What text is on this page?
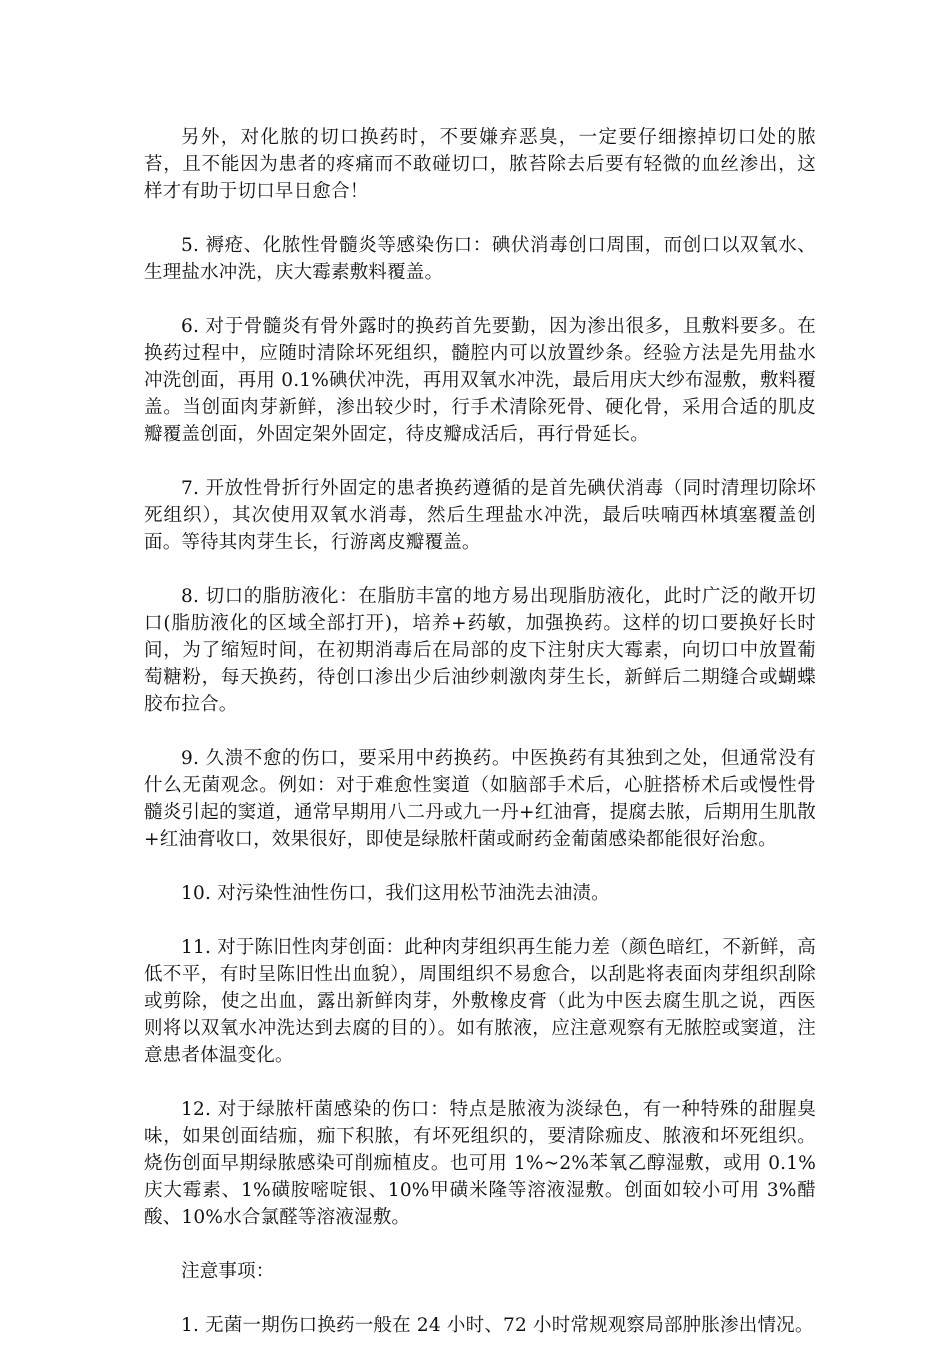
另外，对化脓的切口换药时，不要嫌弃恶臭，一定要仔细擦掉切口处的脓苔，且不能因为患者的疼痛而不敢碰切口，脓苔除去后要有轻微的血丝渗出，这样才有助于切口早日愈合！

5. 褥疮、化脓性骨髓炎等感染伤口：碘伏消毒创口周围，而创口以双氧水、生理盐水冲洗，庆大霉素敷料覆盖。

6. 对于骨髓炎有骨外露时的换药首先要勤，因为渗出很多，且敷料要多。在换药过程中，应随时清除坏死组织，髓腔内可以放置纱条。经验方法是先用盐水冲洗创面，再用 0.1%碘伏冲洗，再用双氧水冲洗，最后用庆大纱布湿敷，敷料覆盖。当创面肉芽新鲜，渗出较少时，行手术清除死骨、硬化骨，采用合适的肌皮瓣覆盖创面，外固定架外固定，待皮瓣成活后，再行骨延长。

7. 开放性骨折行外固定的患者换药遵循的是首先碘伏消毒（同时清理切除坏死组织），其次使用双氧水消毒，然后生理盐水冲洗，最后呋喃西林填塞覆盖创面。等待其肉芽生长，行游离皮瓣覆盖。

8. 切口的脂肪液化：在脂肪丰富的地方易出现脂肪液化，此时广泛的敞开切口(脂肪液化的区域全部打开)，培养+药敏，加强换药。这样的切口要换好长时间，为了缩短时间，在初期消毒后在局部的皮下注射庆大霉素，向切口中放置葡萄糖粉，每天换药，待创口渗出少后油纱刺激肉芽生长，新鲜后二期缝合或蝴蝶胶布拉合。

9. 久溃不愈的伤口，要采用中药换药。中医换药有其独到之处，但通常没有什么无菌观念。例如：对于难愈性窦道（如脑部手术后，心脏搭桥术后或慢性骨髓炎引起的窦道，通常早期用八二丹或九一丹+红油膏，提腐去脓，后期用生肌散+红油膏收口，效果很好，即使是绿脓杆菌或耐药金葡菌感染都能很好治愈。

10. 对污染性油性伤口，我们这用松节油洗去油渍。

11. 对于陈旧性肉芽创面：此种肉芽组织再生能力差（颜色暗红，不新鲜，高低不平，有时呈陈旧性出血貌），周围组织不易愈合，以刮匙将表面肉芽组织刮除或剪除，使之出血，露出新鲜肉芽，外敷橡皮膏（此为中医去腐生肌之说，西医则将以双氧水冲洗达到去腐的目的）。如有脓液，应注意观察有无脓腔或窦道，注意患者体温变化。

12. 对于绿脓杆菌感染的伤口：特点是脓液为淡绿色，有一种特殊的甜腥臭味，如果创面结痂，痂下积脓，有坏死组织的，要清除痂皮、脓液和坏死组织。烧伤创面早期绿脓感染可削痂植皮。也可用 1%~2%苯氧乙醇湿敷，或用 0.1%庆大霉素、1%磺胺嘧啶银、10%甲磺米隆等溶液湿敷。创面如较小可用 3%醋酸、10%水合氯醛等溶液湿敷。

注意事项：

1. 无菌一期伤口换药一般在 24 小时、72 小时常规观察局部肿胀渗出情况。
